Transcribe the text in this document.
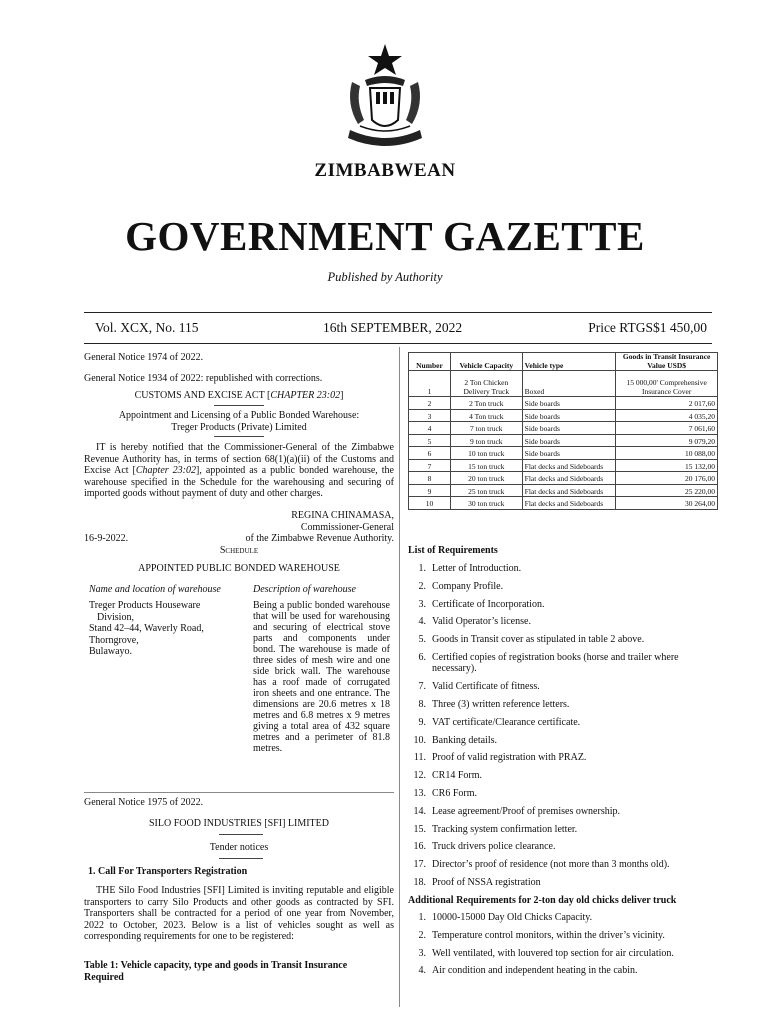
ZIMBABWEAN
GOVERNMENT GAZETTE
Published by Authority
Vol. XCX, No. 115	16th SEPTEMBER, 2022	Price RTGS$1 450,00
General Notice 1974 of 2022.
General Notice 1934 of 2022: republished with corrections.
CUSTOMS AND EXCISE ACT [CHAPTER 23:02]
Appointment and Licensing of a Public Bonded Warehouse:
Treger Products (Private) Limited
IT is hereby notified that the Commissioner-General of the Zimbabwe Revenue Authority has, in terms of section 68(1)(a)(ii) of the Customs and Excise Act [Chapter 23:02], appointed as a public bonded warehouse, the warehouse specified in the Schedule for the warehousing and securing of imported goods without payment of duty and other charges.
REGINA CHINAMASA,
Commissioner-General
16-9-2022.	of the Zimbabwe Revenue Authority.
Schedule
APPOINTED PUBLIC BONDED WAREHOUSE
Name and location of warehouse	Description of warehouse
Treger Products Houseware
Division,
Stand 42–44, Waverly Road,
Thorngrove,
Bulawayo.
Being a public bonded warehouse that will be used for warehousing and securing of electrical stove parts and components under bond. The warehouse is made of three sides of mesh wire and one side brick wall. The warehouse has a roof made of corrugated iron sheets and one entrance. The dimensions are 20.6 metres x 18 metres and 6.8 metres x 9 metres giving a total area of 432 square metres and a perimeter of 81.8 metres.
General Notice 1975 of 2022.
SILO FOOD INDUSTRIES [SFI] LIMITED
Tender notices
1. Call For Transporters Registration
THE Silo Food Industries [SFI] Limited is inviting reputable and eligible transporters to carry Silo Products and other goods as contracted by SFI. Transporters shall be contracted for a period of one year from November, 2022 to October, 2023. Below is a list of vehicles sought as well as corresponding requirements for one to be registered:
Table 1: Vehicle capacity, type and goods in Transit Insurance
Required
Number	Vehicle Capacity	Vehicle type	Goods in Transit Insurance Value USD$
1	2 Ton Chicken Delivery Truck	Boxed	15 000,00' Comprehensive Insurance Cover
2	2 Ton truck	Side boards	2 017,60
3	4 Ton truck	Side boards	4 035,20
4	7 ton truck	Side boards	7 061,60
5	9 ton truck	Side boards	9 079,20
6	10 ton truck	Side boards	10 088,00
7	15 ton truck	Flat decks and Sideboards	15 132,00
8	20 ton truck	Flat decks and Sideboards	20 176,00
9	25 ton truck	Flat decks and Sideboards	25 220,00
10	30 ton truck	Flat decks and Sideboards	30 264,00
List of Requirements
1. Letter of Introduction.
2. Company Profile.
3. Certificate of Incorporation.
4. Valid Operator’s license.
5. Goods in Transit cover as stipulated in table 2 above.
6. Certified copies of registration books (horse and trailer where necessary).
7. Valid Certificate of fitness.
8. Three (3) written reference letters.
9. VAT certificate/Clearance certificate.
10. Banking details.
11. Proof of valid registration with PRAZ.
12. CR14 Form.
13. CR6 Form.
14. Lease agreement/Proof of premises ownership.
15. Tracking system confirmation letter.
16. Truck drivers police clearance.
17. Director’s proof of residence (not more than 3 months old).
18. Proof of NSSA registration
Additional Requirements for 2-ton day old chicks deliver truck
1. 10000-15000 Day Old Chicks Capacity.
2. Temperature control monitors, within the driver’s vicinity.
3. Well ventilated, with louvered top section for air circulation.
4. Air condition and independent heating in the cabin.
